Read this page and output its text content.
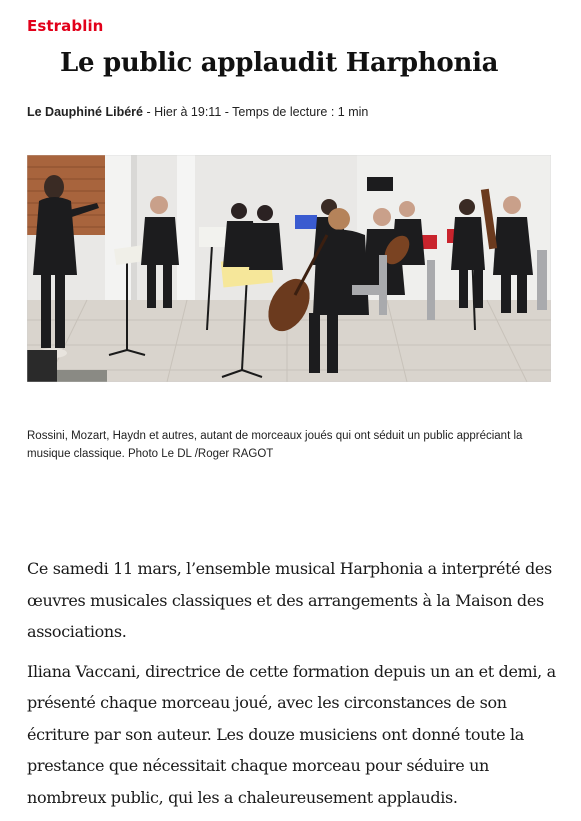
Estrablin
Le public applaudit Harphonia
Le Dauphiné Libéré - Hier à 19:11 - Temps de lecture : 1 min

Rossini, Mozart, Haydn et autres, autant de morceaux joués qui ont séduit un public appréciant la musique classique. Photo Le DL /Roger RAGOT

Ce samedi 11 mars, l’ensemble musical Harphonia a interprété des œuvres musicales classiques et des arrangements à la Maison des associations.

Iliana Vaccani, directrice de cette formation depuis un an et demi, a présenté chaque morceau joué, avec les circonstances de son écriture par son auteur. Les douze musiciens ont donné toute la prestance que nécessitait chaque morceau pour séduire un nombreux public, qui les a chaleureusement applaudis.
